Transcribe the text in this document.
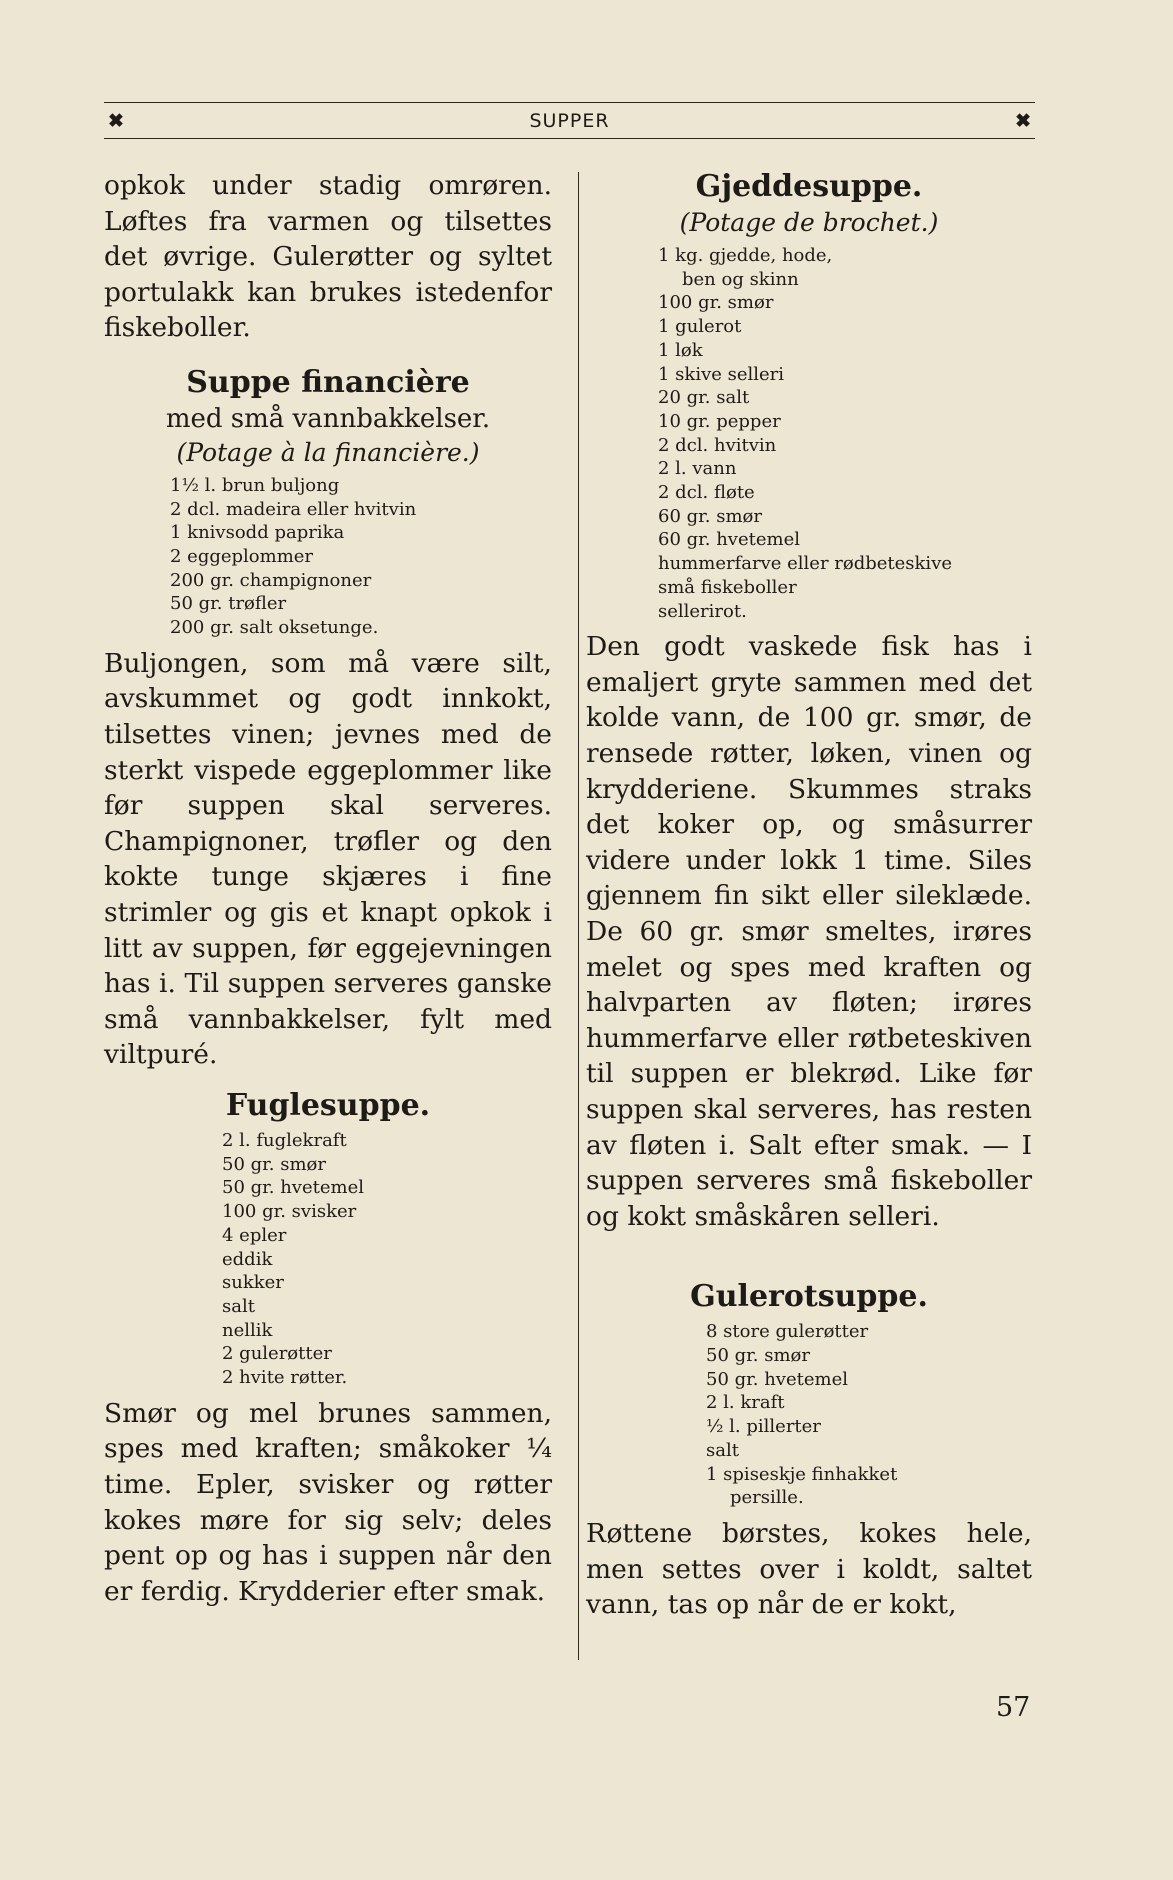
✖	SUPPER	✖

opkok under stadig omrøren. Løftes fra varmen og tilsettes det øvrige. Gulerøtter og syltet portulakk kan brukes istedenfor fiskeboller.

Suppe financière

med små vannbakkelser.

(Potage à la financière.)

1½ l. brun buljong
2 dcl. madeira eller hvitvin
1 knivsodd paprika
2 eggeplommer
200 gr. champignoner
50 gr. trøfler
200 gr. salt oksetunge.

Buljongen, som må være silt, avskummet og godt innkokt, tilsettes vinen; jevnes med de sterkt vispede eggeplommer like før suppen skal serveres. Champignoner, trøfler og den kokte tunge skjæres i fine strimler og gis et knapt opkok i litt av suppen, før eggejevningen has i. Til suppen serveres ganske små vannbakkelser, fylt med viltpuré.

Fuglesuppe.
2 l. fuglekraft
50 gr. smør
50 gr. hvetemel
100 gr. svisker
4 epler
eddik
sukker
salt
nellik
2 gulerøtter
2 hvite røtter.

Smør og mel brunes sammen, spes med kraften; småkoker ¼ time. Epler, svisker og røtter kokes møre for sig selv; deles pent op og has i suppen når den er ferdig. Krydderier efter smak.

Gjeddesuppe.

(Potage de brochet.)

1 kg. gjedde, hode,
ben og skinn
100 gr. smør
1 gulerot
1 løk
1 skive selleri
20 gr. salt
10 gr. pepper
2 dcl. hvitvin
2 l. vann
2 dcl. fløte
60 gr. smør
60 gr. hvetemel
hummerfarve eller rødbeteskive
små fiskeboller
sellerirot.

Den godt vaskede fisk has i emaljert gryte sammen med det kolde vann, de 100 gr. smør, de rensede røtter, løken, vinen og krydderiene. Skummes straks det koker op, og småsurrer videre under lokk 1 time. Siles gjennem fin sikt eller sileklæde. De 60 gr. smør smeltes, irøres melet og spes med kraften og halvparten av fløten; irøres hummerfarve eller røtbeteskiven til suppen er blekrød. Like før suppen skal serveres, has resten av fløten i. Salt efter smak. — I suppen serveres små fiskeboller og kokt småskåren selleri.

Gulerotsuppe.
8 store gulerøtter
50 gr. smør
50 gr. hvetemel
2 l. kraft
½ l. pillerter
salt
1 spiseskje finhakket
persille.

Røttene børstes, kokes hele, men settes over i koldt, saltet vann, tas op når de er kokt,

57
